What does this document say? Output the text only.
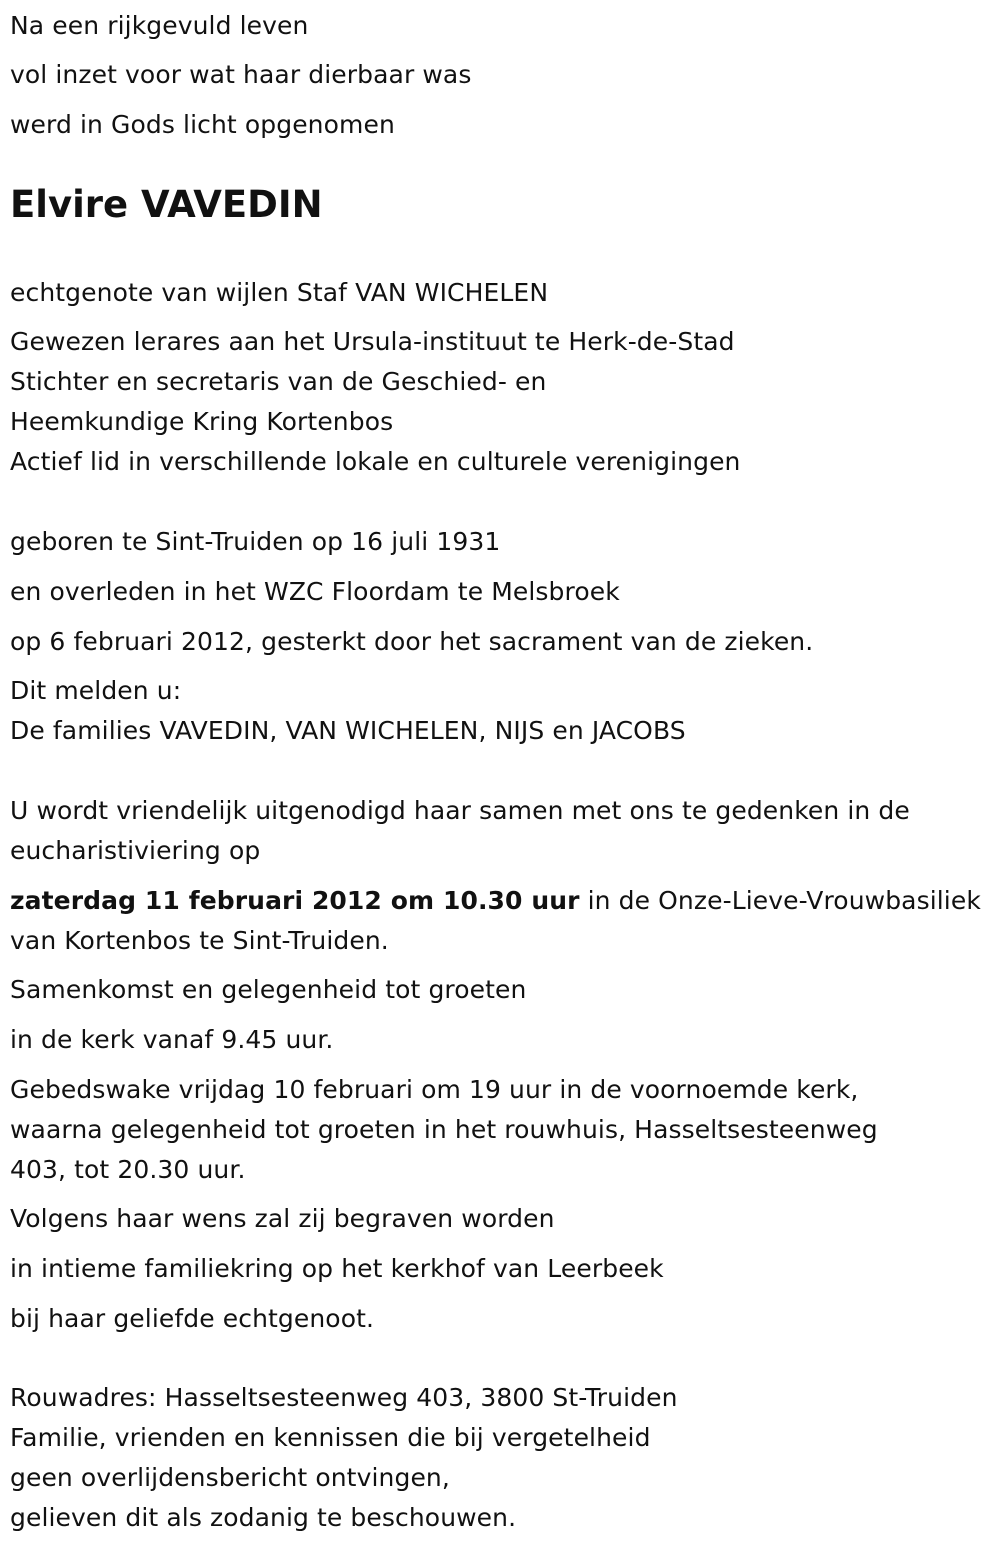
Na een rijkgevuld leven

vol inzet voor wat haar dierbaar was

werd in Gods licht opgenomen

Elvire VAVEDIN

echtgenote van wijlen Staf VAN WICHELEN

Gewezen lerares aan het Ursula-instituut te Herk-de-Stad

Stichter en secretaris van de Geschied- en

Heemkundige Kring Kortenbos

Actief lid in verschillende lokale en culturele verenigingen

geboren te Sint-Truiden op 16 juli 1931

en overleden in het WZC Floordam te Melsbroek

op 6 februari 2012, gesterkt door het sacrament van de zieken.

Dit melden u:

De families VAVEDIN, VAN WICHELEN, NIJS en JACOBS

U wordt vriendelijk uitgenodigd haar samen met ons te gedenken in de

eucharistiviering op

zaterdag 11 februari 2012 om 10.30 uur in de Onze-Lieve-Vrouwbasiliek

van Kortenbos te Sint-Truiden.

Samenkomst en gelegenheid tot groeten

in de kerk vanaf 9.45 uur.

Gebedswake vrijdag 10 februari om 19 uur in de voornoemde kerk,

waarna gelegenheid tot groeten in het rouwhuis, Hasseltsesteenweg

403, tot 20.30 uur.

Volgens haar wens zal zij begraven worden

in intieme familiekring op het kerkhof van Leerbeek

bij haar geliefde echtgenoot.

Rouwadres: Hasseltsesteenweg 403, 3800 St-Truiden

Familie, vrienden en kennissen die bij vergetelheid

geen overlijdensbericht ontvingen,

gelieven dit als zodanig te beschouwen.
